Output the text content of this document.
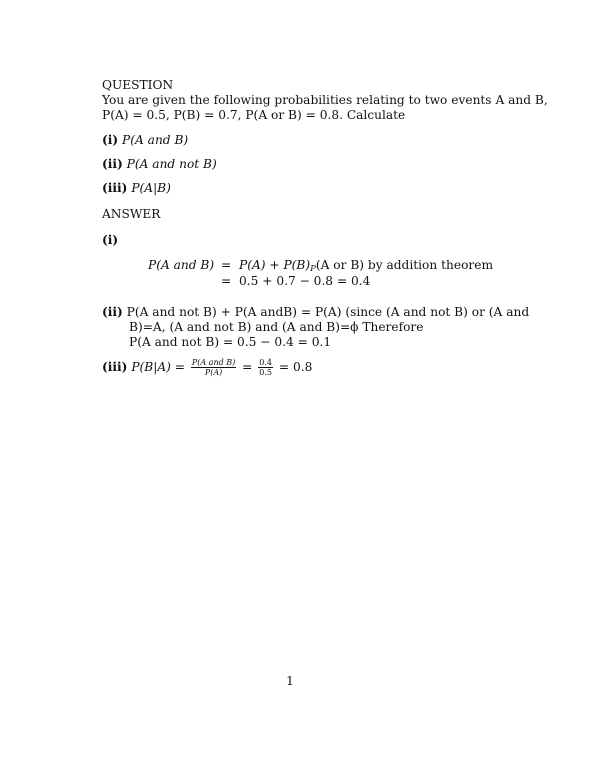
QUESTION
You are given the following probabilities relating to two events A and B,
P(A) = 0.5, P(B) = 0.7, P(A or B) = 0.8. Calculate
(i) P(A and B)
(ii) P(A and not B)
(iii) P(A|B)
ANSWER
(i)
P(A and $B) = P(A) + P(B)_P(A$ or B) by addition theorem
= 0.5 + 0.7 − 0.8 = 0.4
(ii) P(A and not B) + P(A andB) = P(A) (since (A and not B) or (A and
B)=A, (A and not B) and (A and B)=ϕ Therefore
P(A and not B) = 0.5 − 0.4 = 0.1
(iii) $P(B|A) = \frac{\text{P(A and B)}}{P(A)} = \frac{0.4}{0.5} = 0.8$
1
